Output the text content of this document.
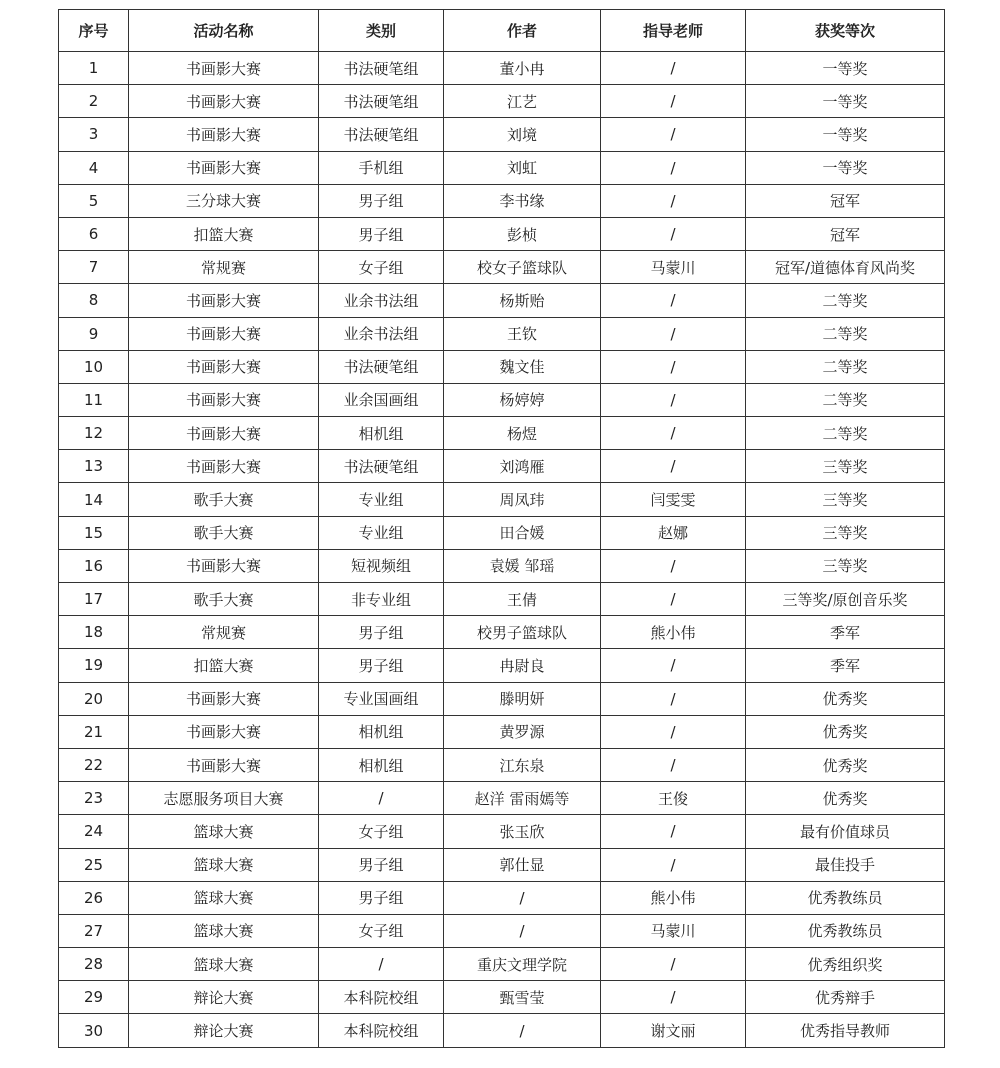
序号	活动名称	类别	作者	指导老师	获奖等次
1	书画影大赛	书法硬笔组	董小冉	/	一等奖
2	书画影大赛	书法硬笔组	江艺	/	一等奖
3	书画影大赛	书法硬笔组	刘境	/	一等奖
4	书画影大赛	手机组	刘虹	/	一等奖
5	三分球大赛	男子组	李书缘	/	冠军
6	扣篮大赛	男子组	彭桢	/	冠军
7	常规赛	女子组	校女子篮球队	马蒙川	冠军/道德体育风尚奖
8	书画影大赛	业余书法组	杨斯贻	/	二等奖
9	书画影大赛	业余书法组	王钦	/	二等奖
10	书画影大赛	书法硬笔组	魏文佳	/	二等奖
11	书画影大赛	业余国画组	杨婷婷	/	二等奖
12	书画影大赛	相机组	杨煜	/	二等奖
13	书画影大赛	书法硬笔组	刘鸿雁	/	三等奖
14	歌手大赛	专业组	周凤玮	闫雯雯	三等奖
15	歌手大赛	专业组	田合媛	赵娜	三等奖
16	书画影大赛	短视频组	袁媛 邹瑶	/	三等奖
17	歌手大赛	非专业组	王倩	/	三等奖/原创音乐奖
18	常规赛	男子组	校男子篮球队	熊小伟	季军
19	扣篮大赛	男子组	冉尉良	/	季军
20	书画影大赛	专业国画组	滕明妍	/	优秀奖
21	书画影大赛	相机组	黄罗源	/	优秀奖
22	书画影大赛	相机组	江东泉	/	优秀奖
23	志愿服务项目大赛	/	赵洋 雷雨嫣等	王俊	优秀奖
24	篮球大赛	女子组	张玉欣	/	最有价值球员
25	篮球大赛	男子组	郭仕显	/	最佳投手
26	篮球大赛	男子组	/	熊小伟	优秀教练员
27	篮球大赛	女子组	/	马蒙川	优秀教练员
28	篮球大赛	/	重庆文理学院	/	优秀组织奖
29	辩论大赛	本科院校组	甄雪莹	/	优秀辩手
30	辩论大赛	本科院校组	/	谢文丽	优秀指导教师
